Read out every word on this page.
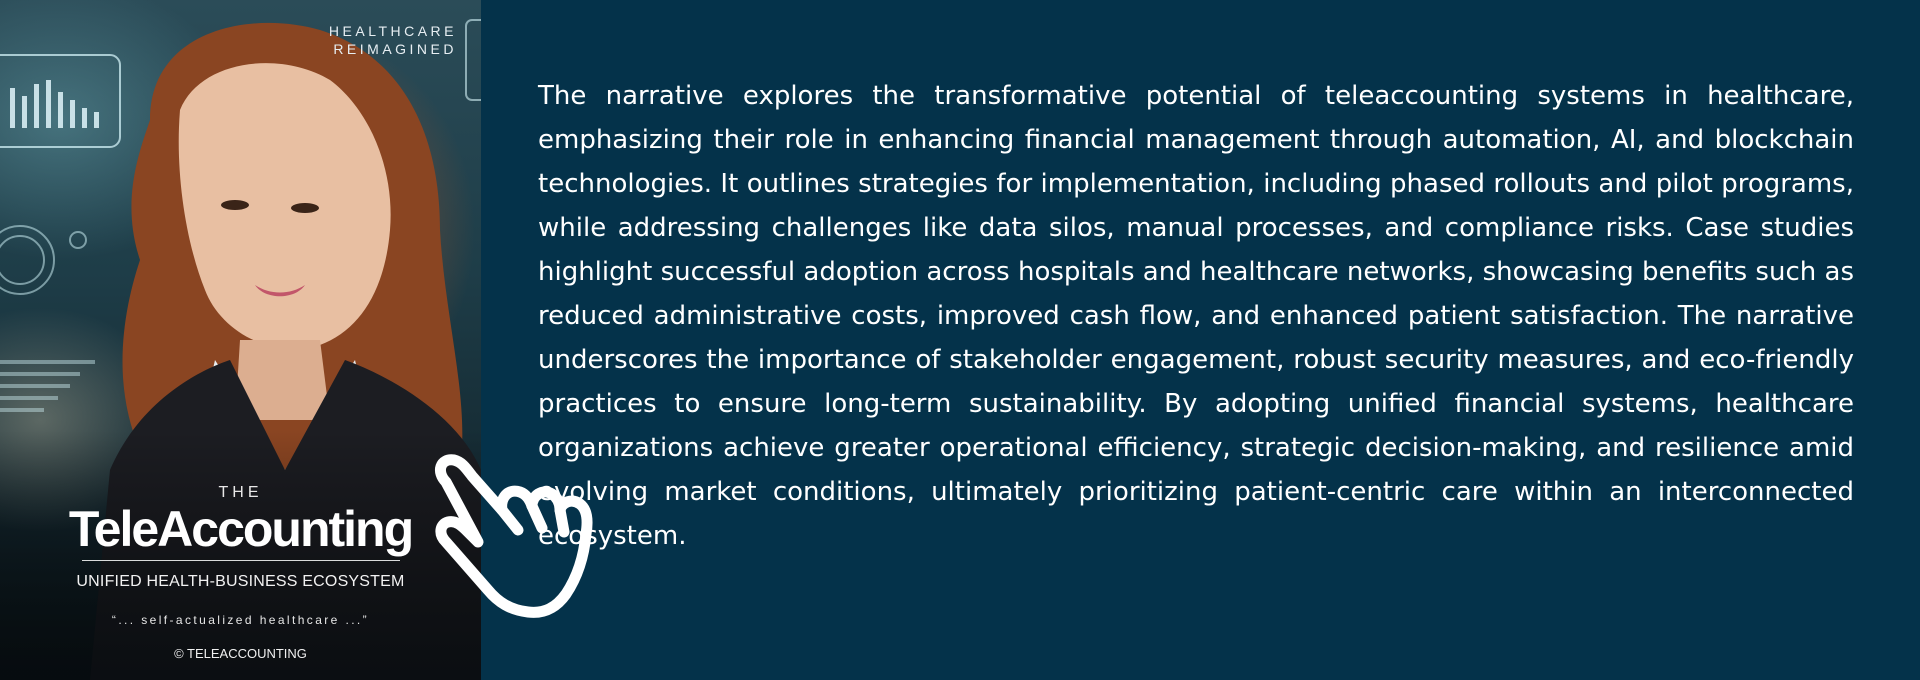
HEALTHCARE
REIMAGINED
THE
TeleAccounting
UNIFIED HEALTH-BUSINESS ECOSYSTEM
“... self-actualized healthcare ...”
© TELEACCOUNTING

The narrative explores the transformative potential of teleaccounting systems in healthcare, emphasizing their role in enhancing financial management through automation, AI, and blockchain technologies. It outlines strategies for implementation, including phased rollouts and pilot programs, while addressing challenges like data silos, manual processes, and compliance risks. Case studies highlight successful adoption across hospitals and healthcare networks, showcasing benefits such as reduced administrative costs, improved cash flow, and enhanced patient satisfaction. The narrative underscores the importance of stakeholder engagement, robust security measures, and eco-friendly practices to ensure long-term sustainability. By adopting unified financial systems, healthcare organizations achieve greater operational efficiency, strategic decision-making, and resilience amid evolving market conditions, ultimately prioritizing patient-centric care within an interconnected ecosystem.
